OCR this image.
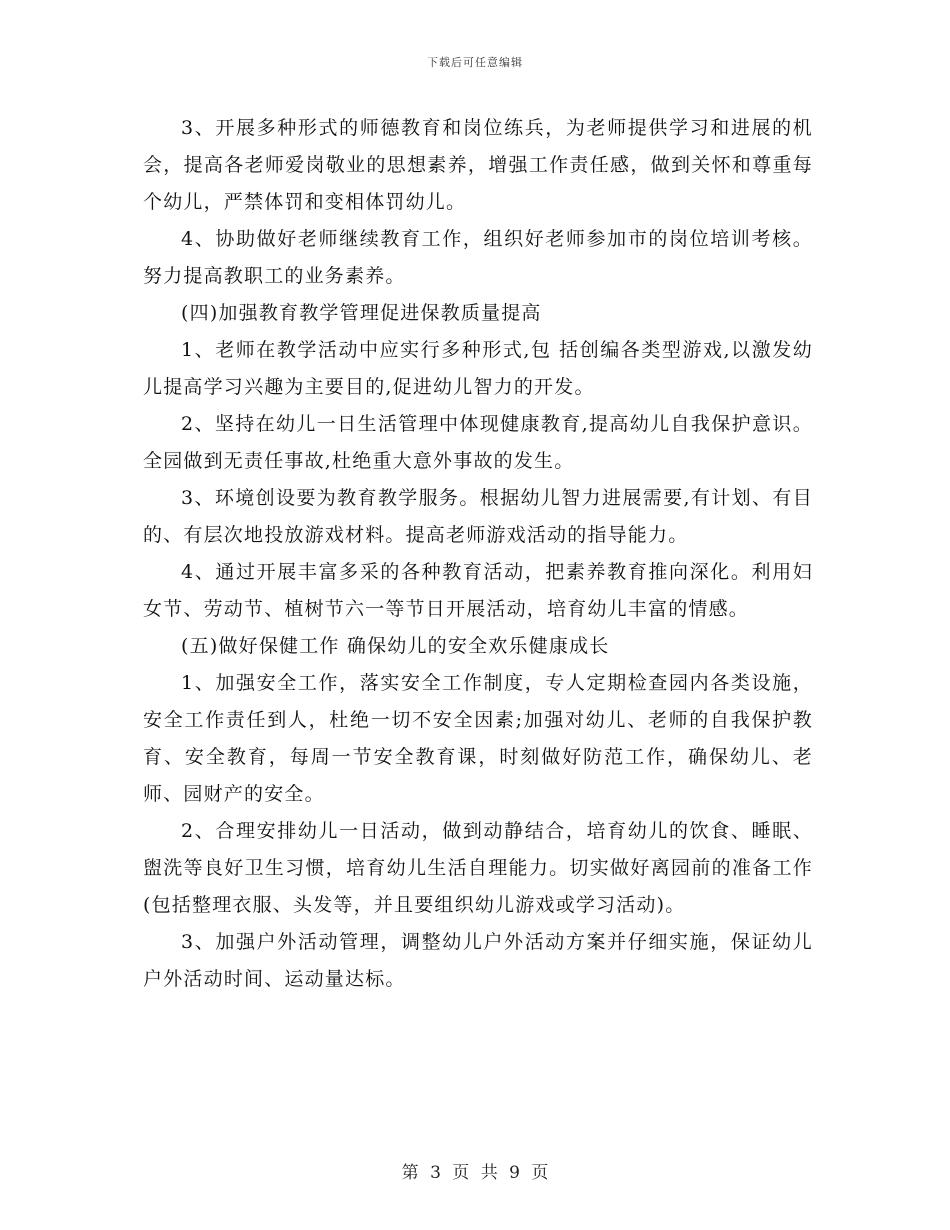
下载后可任意编辑

3、开展多种形式的师德教育和岗位练兵，为老师提供学习和进展的机会，提高各老师爱岗敬业的思想素养，增强工作责任感，做到关怀和尊重每个幼儿，严禁体罚和变相体罚幼儿。

4、协助做好老师继续教育工作，组织好老师参加市的岗位培训考核。努力提高教职工的业务素养。

(四)加强教育教学管理促进保教质量提高

1、老师在教学活动中应实行多种形式,包 括创编各类型游戏,以激发幼儿提高学习兴趣为主要目的,促进幼儿智力的开发。

2、坚持在幼儿一日生活管理中体现健康教育,提高幼儿自我保护意识。全园做到无责任事故,杜绝重大意外事故的发生。

3、环境创设要为教育教学服务。根据幼儿智力进展需要,有计划、有目的、有层次地投放游戏材料。提高老师游戏活动的指导能力。

4、通过开展丰富多采的各种教育活动，把素养教育推向深化。利用妇女节、劳动节、植树节六一等节日开展活动，培育幼儿丰富的情感。

(五)做好保健工作 确保幼儿的安全欢乐健康成长

1、加强安全工作，落实安全工作制度，专人定期检查园内各类设施，安全工作责任到人，杜绝一切不安全因素;加强对幼儿、老师的自我保护教育、安全教育，每周一节安全教育课，时刻做好防范工作，确保幼儿、老师、园财产的安全。

2、合理安排幼儿一日活动，做到动静结合，培育幼儿的饮食、睡眠、盥洗等良好卫生习惯，培育幼儿生活自理能力。切实做好离园前的准备工作(包括整理衣服、头发等，并且要组织幼儿游戏或学习活动)。

3、加强户外活动管理，调整幼儿户外活动方案并仔细实施，保证幼儿户外活动时间、运动量达标。

第 3 页 共 9 页
